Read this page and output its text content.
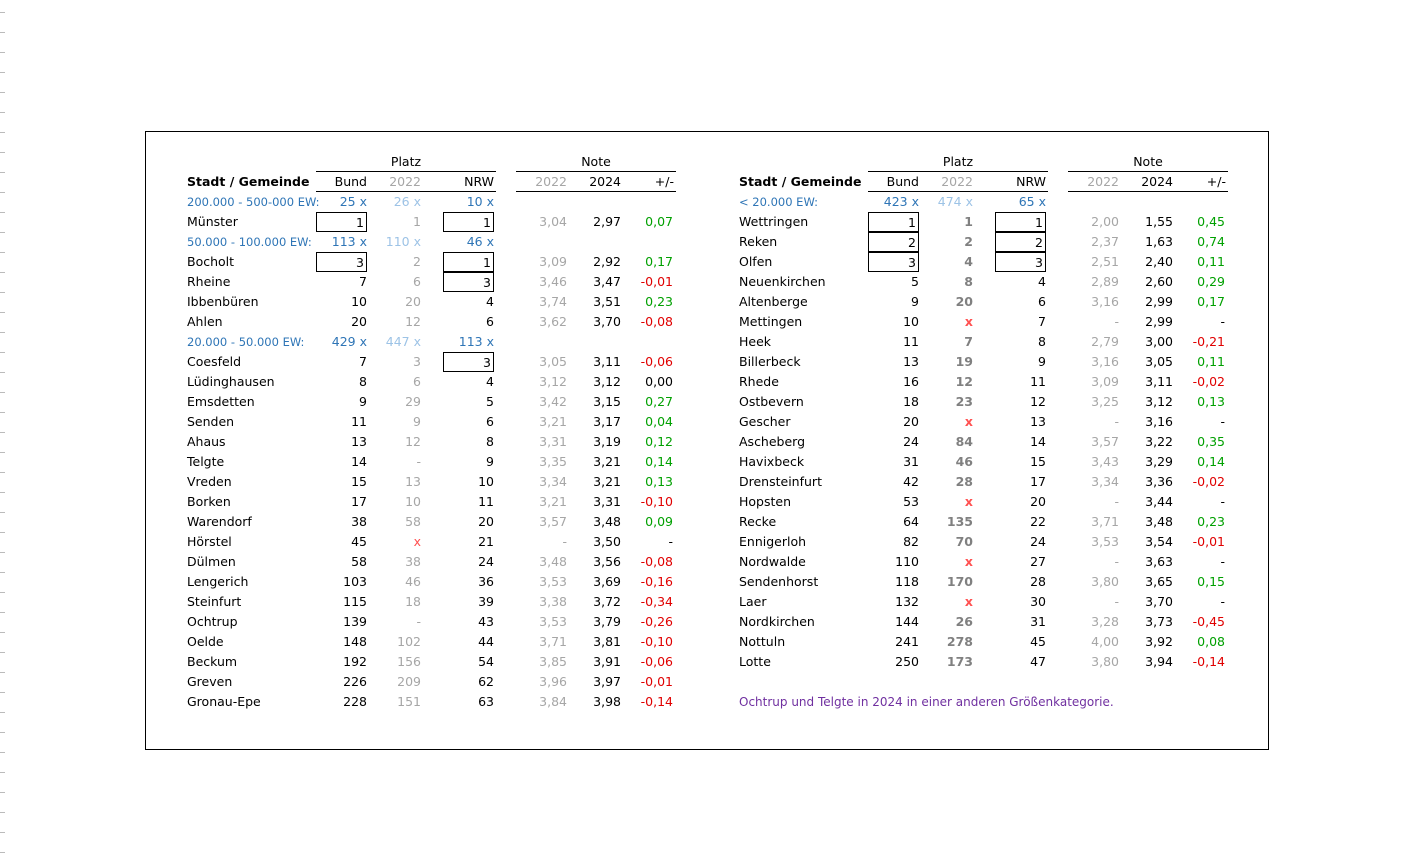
Platz	Note
Stadt / Gemeinde	Bund	2022	NRW	2022	2024	+/-
200.000 - 500-000 EW:	25 x	26 x	10 x
Münster	1	1	1	3,04	2,97	0,07
50.000 - 100.000 EW:	113 x	110 x	46 x
Bocholt	3	2	1	3,09	2,92	0,17
Rheine	7	6	3	3,46	3,47	-0,01
Ibbenbüren	10	20	4	3,74	3,51	0,23
Ahlen	20	12	6	3,62	3,70	-0,08
20.000 - 50.000 EW:	429 x	447 x	113 x
Coesfeld	7	3	3	3,05	3,11	-0,06
Lüdinghausen	8	6	4	3,12	3,12	0,00
Emsdetten	9	29	5	3,42	3,15	0,27
Senden	11	9	6	3,21	3,17	0,04
Ahaus	13	12	8	3,31	3,19	0,12
Telgte	14	-	9	3,35	3,21	0,14
Vreden	15	13	10	3,34	3,21	0,13
Borken	17	10	11	3,21	3,31	-0,10
Warendorf	38	58	20	3,57	3,48	0,09
Hörstel	45	x	21	-	3,50	-
Dülmen	58	38	24	3,48	3,56	-0,08
Lengerich	103	46	36	3,53	3,69	-0,16
Steinfurt	115	18	39	3,38	3,72	-0,34
Ochtrup	139	-	43	3,53	3,79	-0,26
Oelde	148	102	44	3,71	3,81	-0,10
Beckum	192	156	54	3,85	3,91	-0,06
Greven	226	209	62	3,96	3,97	-0,01
Gronau-Epe	228	151	63	3,84	3,98	-0,14
Platz	Note
Stadt / Gemeinde	Bund	2022	NRW	2022	2024	+/-
< 20.000 EW:	423 x	474 x	65 x
Wettringen	1	1	1	2,00	1,55	0,45
Reken	2	2	2	2,37	1,63	0,74
Olfen	3	4	3	2,51	2,40	0,11
Neuenkirchen	5	8	4	2,89	2,60	0,29
Altenberge	9	20	6	3,16	2,99	0,17
Mettingen	10	x	7	-	2,99	-
Heek	11	7	8	2,79	3,00	-0,21
Billerbeck	13	19	9	3,16	3,05	0,11
Rhede	16	12	11	3,09	3,11	-0,02
Ostbevern	18	23	12	3,25	3,12	0,13
Gescher	20	x	13	-	3,16	-
Ascheberg	24	84	14	3,57	3,22	0,35
Havixbeck	31	46	15	3,43	3,29	0,14
Drensteinfurt	42	28	17	3,34	3,36	-0,02
Hopsten	53	x	20	-	3,44	-
Recke	64	135	22	3,71	3,48	0,23
Ennigerloh	82	70	24	3,53	3,54	-0,01
Nordwalde	110	x	27	-	3,63	-
Sendenhorst	118	170	28	3,80	3,65	0,15
Laer	132	x	30	-	3,70	-
Nordkirchen	144	26	31	3,28	3,73	-0,45
Nottuln	241	278	45	4,00	3,92	0,08
Lotte	250	173	47	3,80	3,94	-0,14
Ochtrup und Telgte in 2024 in einer anderen Größenkategorie.
